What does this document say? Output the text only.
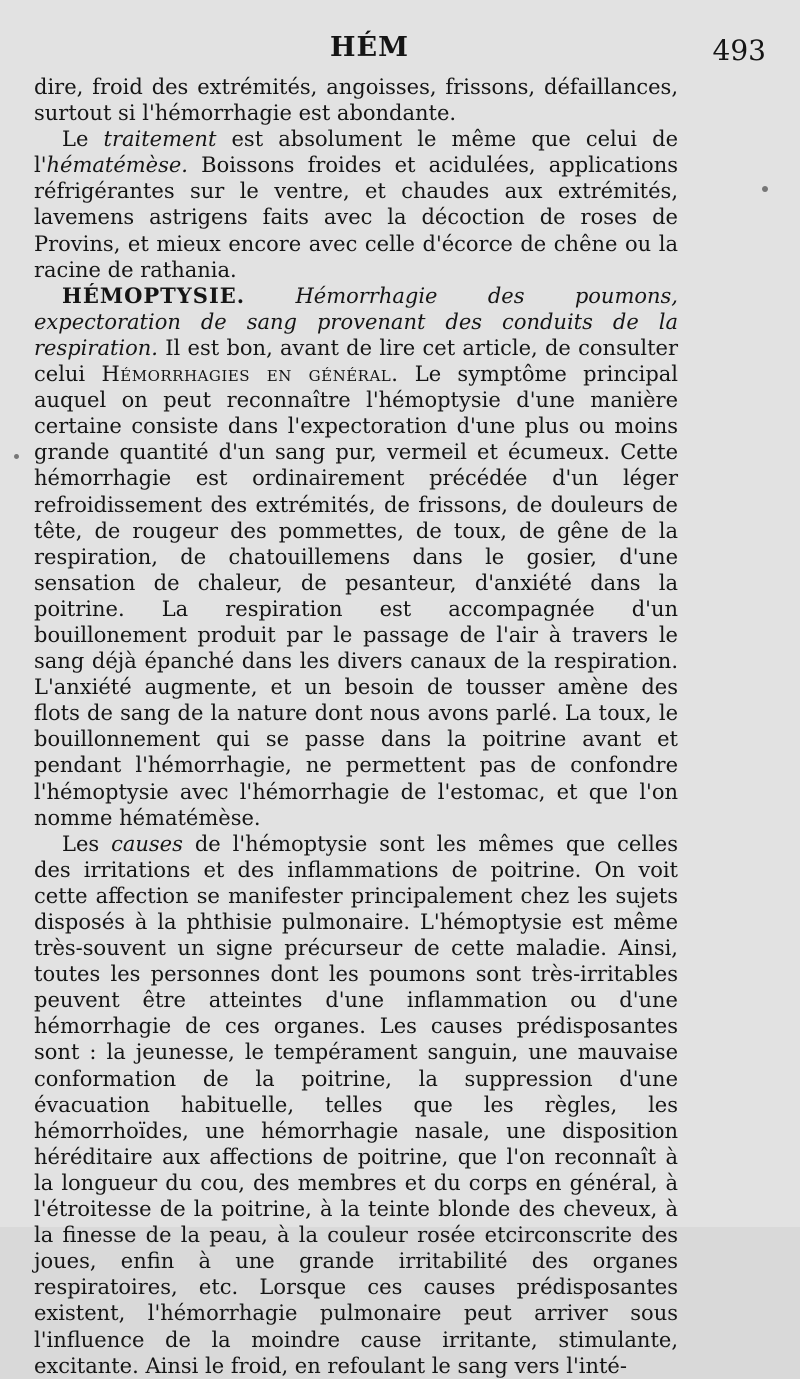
HÉM	493

dire, froid des extrémités, angoisses, frissons, défaillances, surtout si l'hémorrhagie est abondante.

Le traitement est absolument le même que celui de l'hématémèse. Boissons froides et acidulées, applications réfrigérantes sur le ventre, et chaudes aux extrémités, lavemens astrigens faits avec la décoction de roses de Provins, et mieux encore avec celle d'écorce de chêne ou la racine de rathania.

HÉMOPTYSIE. Hémorrhagie des poumons, expectoration de sang provenant des conduits de la respiration. Il est bon, avant de lire cet article, de consulter celui Hémorrhagies en général. Le symptôme principal auquel on peut reconnaître l'hémoptysie d'une manière certaine consiste dans l'expectoration d'une plus ou moins grande quantité d'un sang pur, vermeil et écumeux. Cette hémorrhagie est ordinairement précédée d'un léger refroidissement des extrémités, de frissons, de douleurs de tête, de rougeur des pommettes, de toux, de gêne de la respiration, de chatouillemens dans le gosier, d'une sensation de chaleur, de pesanteur, d'anxiété dans la poitrine. La respiration est accompagnée d'un bouillonement produit par le passage de l'air à travers le sang déjà épanché dans les divers canaux de la respiration. L'anxiété augmente, et un besoin de tousser amène des flots de sang de la nature dont nous avons parlé. La toux, le bouillonnement qui se passe dans la poitrine avant et pendant l'hémorrhagie, ne permettent pas de confondre l'hémoptysie avec l'hémorrhagie de l'estomac, et que l'on nomme hématémèse.

Les causes de l'hémoptysie sont les mêmes que celles des irritations et des inflammations de poitrine. On voit cette affection se manifester principalement chez les sujets disposés à la phthisie pulmonaire. L'hémoptysie est même très-souvent un signe précurseur de cette maladie. Ainsi, toutes les personnes dont les poumons sont très-irritables peuvent être atteintes d'une inflammation ou d'une hémorrhagie de ces organes. Les causes prédisposantes sont : la jeunesse, le tempérament sanguin, une mauvaise conformation de la poitrine, la suppression d'une évacuation habituelle, telles que les règles, les hémorrhoïdes, une hémorrhagie nasale, une disposition héréditaire aux affections de poitrine, que l'on reconnaît à la longueur du cou, des membres et du corps en général, à l'étroitesse de la poitrine, à la teinte blonde des cheveux, à la finesse de la peau, à la couleur rosée etcirconscrite des joues, enfin à une grande irritabilité des organes respiratoires, etc. Lorsque ces causes prédisposantes existent, l'hémorrhagie pulmonaire peut arriver sous l'influence de la moindre cause irritante, stimulante, excitante. Ainsi le froid, en refoulant le sang vers l'inté-
